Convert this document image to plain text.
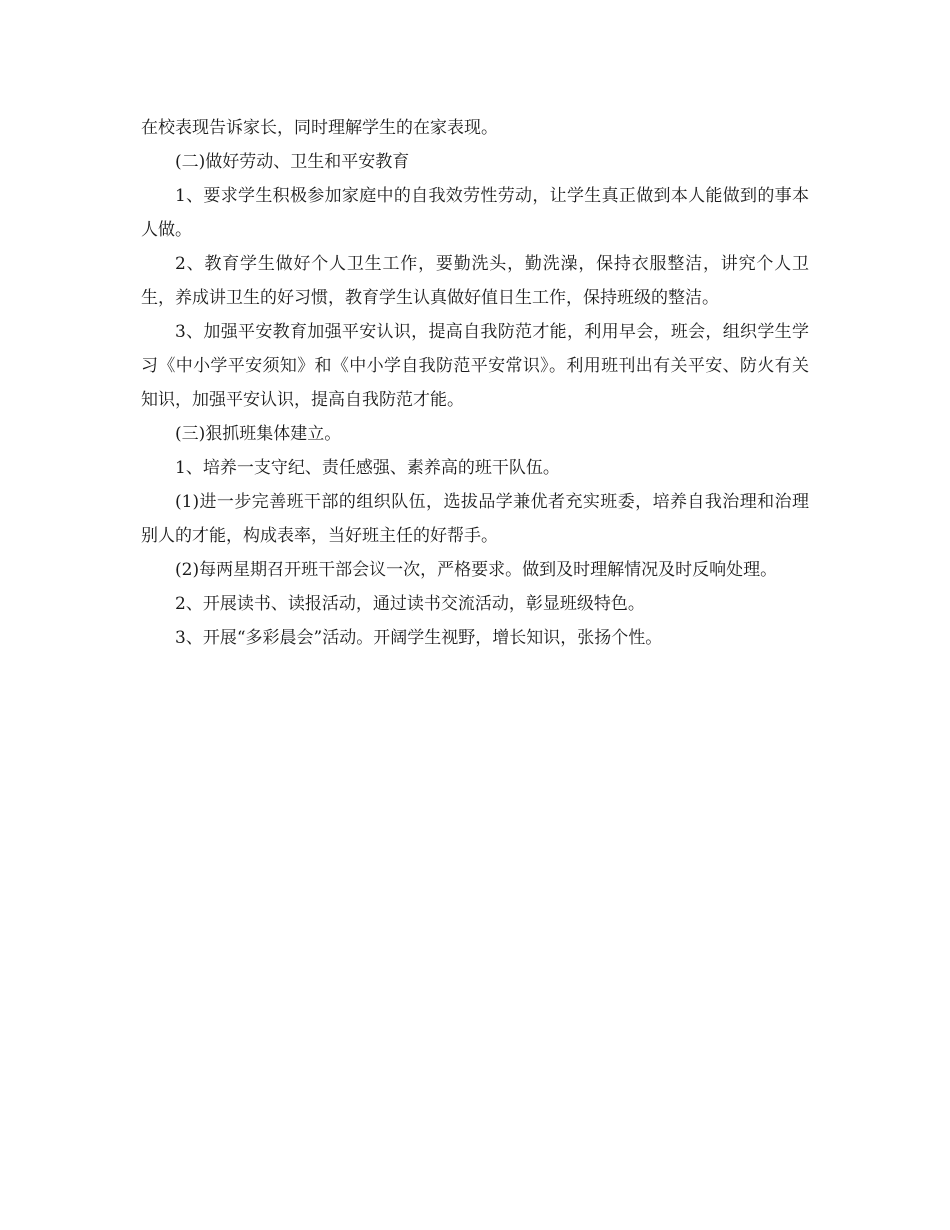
在校表现告诉家长，同时理解学生的在家表现。

(二)做好劳动、卫生和平安教育

1、要求学生积极参加家庭中的自我效劳性劳动，让学生真正做到本人能做到的事本人做。

2、教育学生做好个人卫生工作，要勤洗头，勤洗澡，保持衣服整洁，讲究个人卫生，养成讲卫生的好习惯，教育学生认真做好值日生工作，保持班级的整洁。

3、加强平安教育加强平安认识，提高自我防范才能，利用早会，班会，组织学生学习《中小学平安须知》和《中小学自我防范平安常识》。利用班刊出有关平安、防火有关知识，加强平安认识，提高自我防范才能。

(三)狠抓班集体建立。

1、培养一支守纪、责任感强、素养高的班干队伍。

(1)进一步完善班干部的组织队伍，选拔品学兼优者充实班委，培养自我治理和治理别人的才能，构成表率，当好班主任的好帮手。

(2)每两星期召开班干部会议一次，严格要求。做到及时理解情况及时反响处理。

2、开展读书、读报活动，通过读书交流活动，彰显班级特色。

3、开展“多彩晨会”活动。开阔学生视野，增长知识，张扬个性。
